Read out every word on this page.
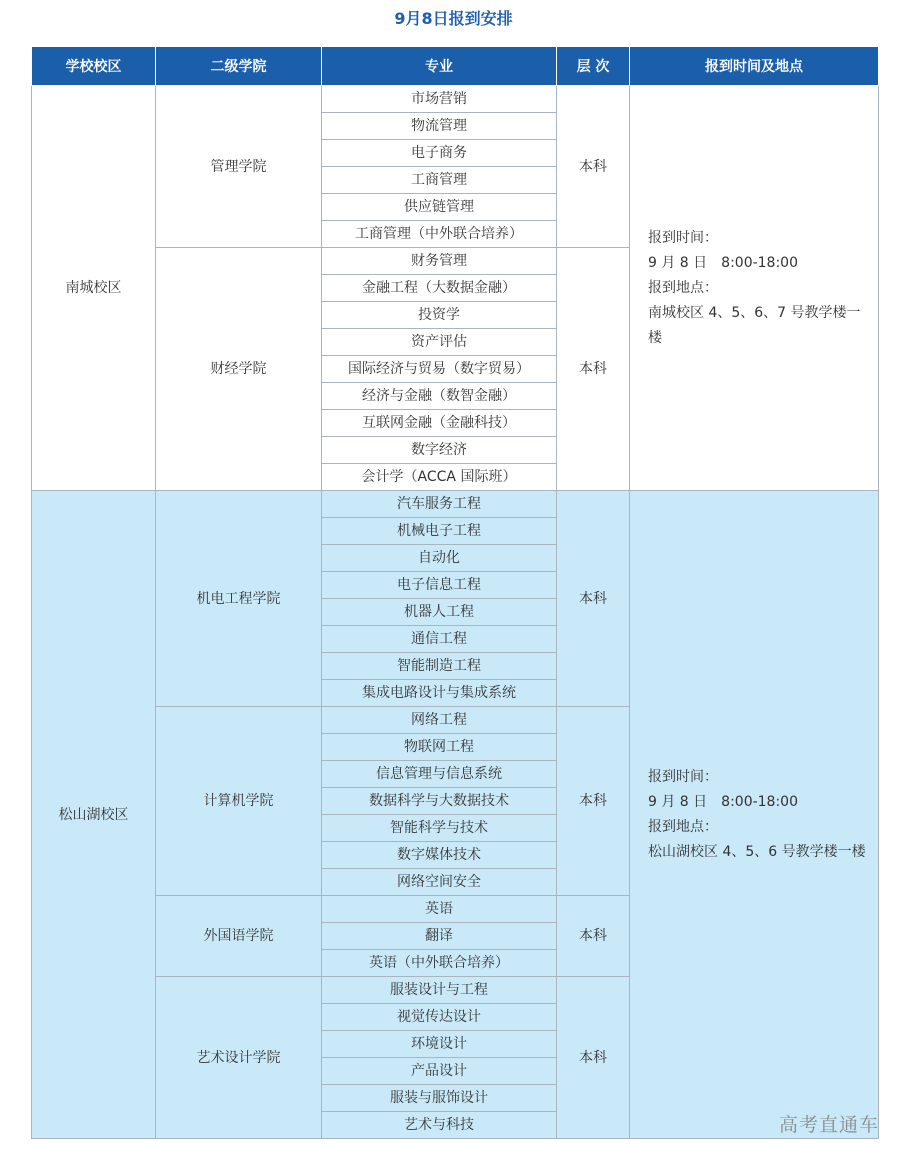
9月8日报到安排
学校校区	二级学院	专业	层 次	报到时间及地点
南城校区	管理学院	市场营销	本科	报到时间：
9 月 8 日　8:00-18:00
报到地点：
南城校区 4、5、6、7 号教学楼一楼

		物流管理		
		电子商务		
		工商管理		
		供应链管理		
		工商管理（中外联合培养）		
	财经学院	财务管理	本科	
		金融工程（大数据金融）		
		投资学		
		资产评估		
		国际经济与贸易（数字贸易）		
		经济与金融（数智金融）		
		互联网金融（金融科技）		
		数字经济		
		会计学（ACCA 国际班）		
松山湖校区	机电工程学院	汽车服务工程	本科	报到时间：
9 月 8 日　8:00-18:00
报到地点：
松山湖校区 4、5、6 号教学楼一楼

		机械电子工程		
		自动化		
		电子信息工程		
		机器人工程		
		通信工程		
		智能制造工程		
		集成电路设计与集成系统		
	计算机学院	网络工程	本科	
		物联网工程		
		信息管理与信息系统		
		数据科学与大数据技术		
		智能科学与技术		
		数字媒体技术		
		网络空间安全		
	外国语学院	英语	本科	
		翻译		
		英语（中外联合培养）		
	艺术设计学院	服装设计与工程	本科	
		视觉传达设计		
		环境设计		
		产品设计		
		服装与服饰设计		
		艺术与科技			高考直通车
